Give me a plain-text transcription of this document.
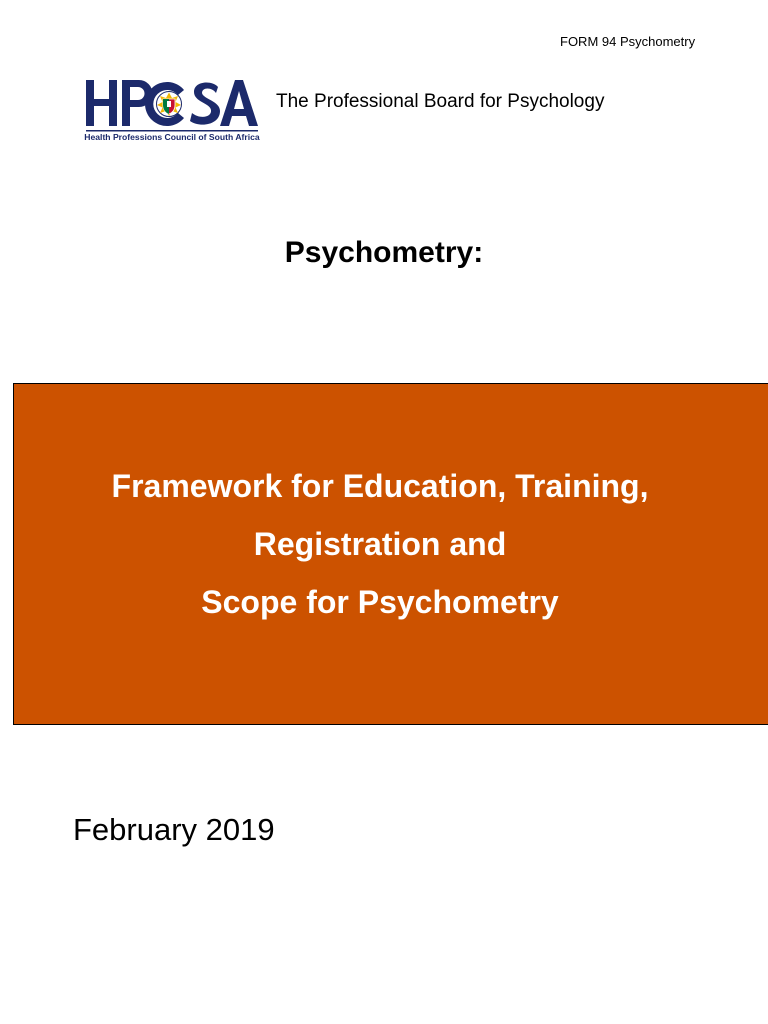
FORM 94 Psychometry
Health Professions Council of South Africa
The Professional Board for Psychology
Psychometry:
Framework for Education, Training,
Registration and
Scope for Psychometry
February 2019
